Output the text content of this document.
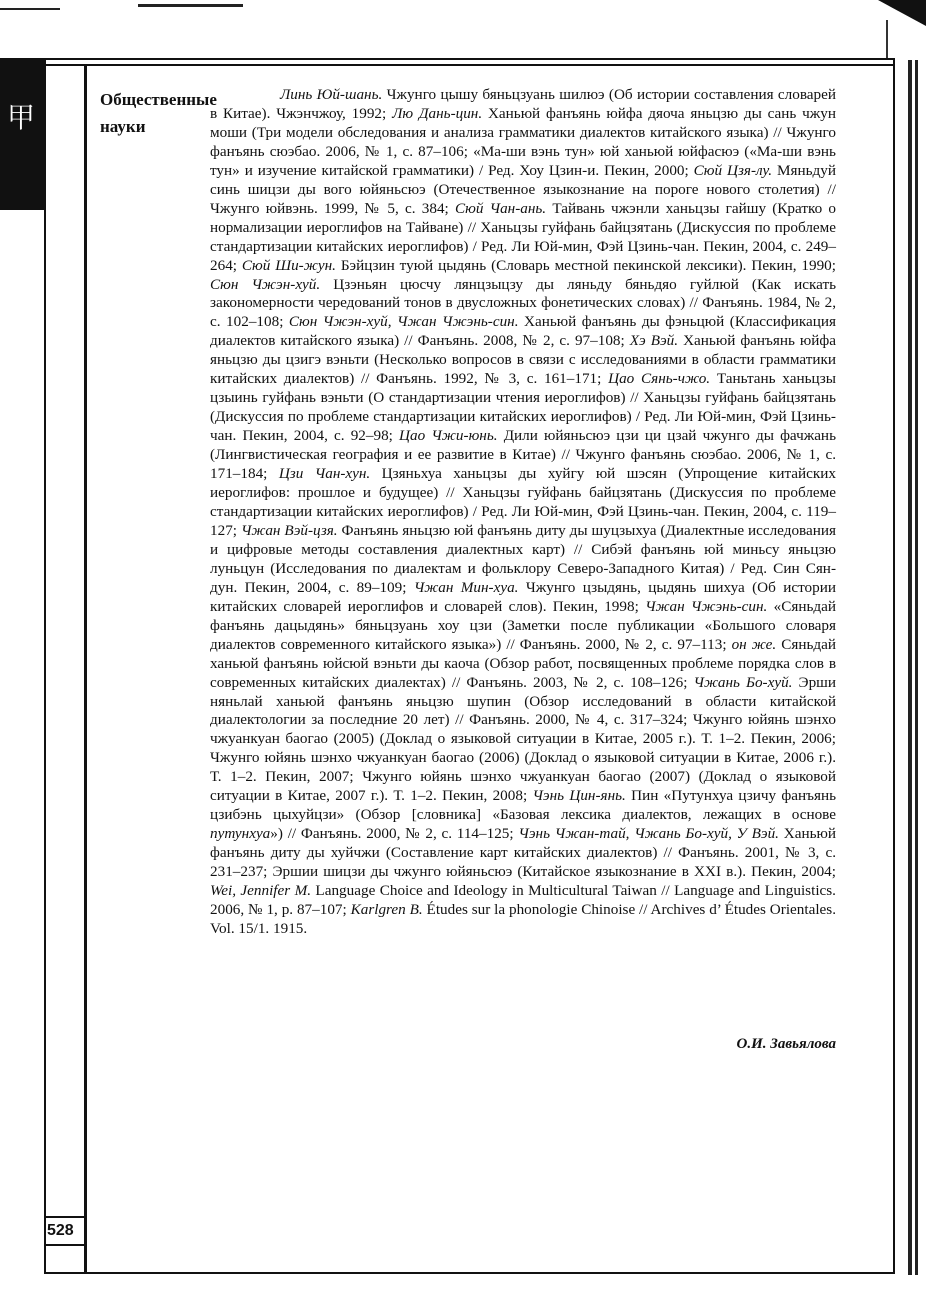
甲
Общественные
науки
Линь Юй-шань. Чжунго цышу бяньцзуань шилюэ (Об истории составления словарей в Китае). Чжэнчжоу, 1992; Лю Дань-цин. Ханьюй фанъянь юйфа дяоча яньцзю ды сань чжун моши (Три модели обследования и анализа грамматики диалектов китайского языка) // Чжунго фанъянь сюэбао. 2006, № 1, с. 87–106; «Ма-ши вэнь тун» юй ханьюй юйфасюэ («Ма-ши вэнь тун» и изучение китайской грамматики) / Ред. Хоу Цзин-и. Пекин, 2000; Сюй Цзя-лу. Мяньдуй синь шицзи ды вого юйяньсюэ (Отечественное языкознание на пороге нового столетия) // Чжунго юйвэнь. 1999, № 5, с. 384; Сюй Чан-ань. Тайвань чжэнли ханьцзы гайшу (Кратко о нормализации иероглифов на Тайване) // Ханьцзы гуйфань байцзятань (Дискуссия по проблеме стандартизации китайских иероглифов) / Ред. Ли Юй-мин, Фэй Цзинь-чан. Пекин, 2004, с. 249–264; Сюй Ши-жун. Бэйцзин туюй цыдянь (Словарь местной пекинской лексики). Пекин, 1990; Сюн Чжэн-хуй. Цзэньян цюсчу лянцзыцзу ды ляньду бяньдяо гуйлюй (Как искать закономерности чередований тонов в двусложных фонетических словах) // Фанъянь. 1984, № 2, с. 102–108; Сюн Чжэн-хуй, Чжан Чжэнь-син. Ханьюй фанъянь ды фэньцюй (Классификация диалектов китайского языка) // Фанъянь. 2008, № 2, с. 97–108; Хэ Вэй. Ханьюй фанъянь юйфа яньцзю ды цзигэ вэньти (Несколько вопросов в связи с исследованиями в области грамматики китайских диалектов) // Фанъянь. 1992, № 3, с. 161–171; Цао Сянь-чжо. Таньтань ханьцзы цзыинь гуйфань вэньти (О стандартизации чтения иероглифов) // Ханьцзы гуйфань байцзятань (Дискуссия по проблеме стандартизации китайских иероглифов) / Ред. Ли Юй-мин, Фэй Цзинь-чан. Пекин, 2004, с. 92–98; Цао Чжи-юнь. Дили юйяньсюэ цзи ци цзай чжунго ды фачжань (Лингвистическая география и ее развитие в Китае) // Чжунго фанъянь сюэбао. 2006, № 1, с. 171–184; Цзи Чан-хун. Цзяньхуа ханьцзы ды хуйгу юй шэсян (Упрощение китайских иероглифов: прошлое и будущее) // Ханьцзы гуйфань байцзятань (Дискуссия по проблеме стандартизации китайских иероглифов) / Ред. Ли Юй-мин, Фэй Цзинь-чан. Пекин, 2004, с. 119–127; Чжан Вэй-цзя. Фанъянь яньцзю юй фанъянь диту ды шуцзыхуа (Диалектные исследования и цифровые методы составления диалектных карт) // Сибэй фанъянь юй миньсу яньцзю луньцун (Исследования по диалектам и фольклору Северо-Западного Китая) / Ред. Син Сян-дун. Пекин, 2004, с. 89–109; Чжан Мин-хуа. Чжунго цзыдянь, цыдянь шихуа (Об истории китайских словарей иероглифов и словарей слов). Пекин, 1998; Чжан Чжэнь-син. «Сяньдай фанъянь дацыдянь» бяньцзуань хоу цзи (Заметки после публикации «Большого словаря диалектов современного китайского языка») // Фанъянь. 2000, № 2, с. 97–113; он же. Сяньдай ханьюй фанъянь юйсюй вэньти ды каоча (Обзор работ, посвященных проблеме порядка слов в современных китайских диалектах) // Фанъянь. 2003, № 2, с. 108–126; Чжань Бо-хуй. Эрши няньлай ханьюй фанъянь яньцзю шупин (Обзор исследований в области китайской диалектологии за последние 20 лет) // Фанъянь. 2000, № 4, с. 317–324; Чжунго юйянь шэнхо чжуанкуан баогао (2005) (Доклад о языковой ситуации в Китае, 2005 г.). Т. 1–2. Пекин, 2006; Чжунго юйянь шэнхо чжуанкуан баогао (2006) (Доклад о языковой ситуации в Китае, 2006 г.). Т. 1–2. Пекин, 2007; Чжунго юйянь шэнхо чжуанкуан баогао (2007) (Доклад о языковой ситуации в Китае, 2007 г.). Т. 1–2. Пекин, 2008; Чэнь Цин-янь. Пин «Путунхуа цзичу фанъянь цзибэнь цыхуйцзи» (Обзор [словника] «Базовая лексика диалектов, лежащих в основе путунхуа») // Фанъянь. 2000, № 2, с. 114–125; Чэнь Чжан-тай, Чжань Бо-хуй, У Вэй. Ханьюй фанъянь диту ды хуйчжи (Составление карт китайских диалектов) // Фанъянь. 2001, № 3, с. 231–237; Эршии шицзи ды чжунго юйяньсюэ (Китайское языкознание в XXI в.). Пекин, 2004; Wei, Jennifer M. Language Choice and Ideology in Multicultural Taiwan // Language and Linguistics. 2006, № 1, р. 87–107; Karlgren B. Études sur la phonologie Chinoise // Archives d’ Études Orientales. Vol. 15/1. 1915.
О.И. Завьялова
528
